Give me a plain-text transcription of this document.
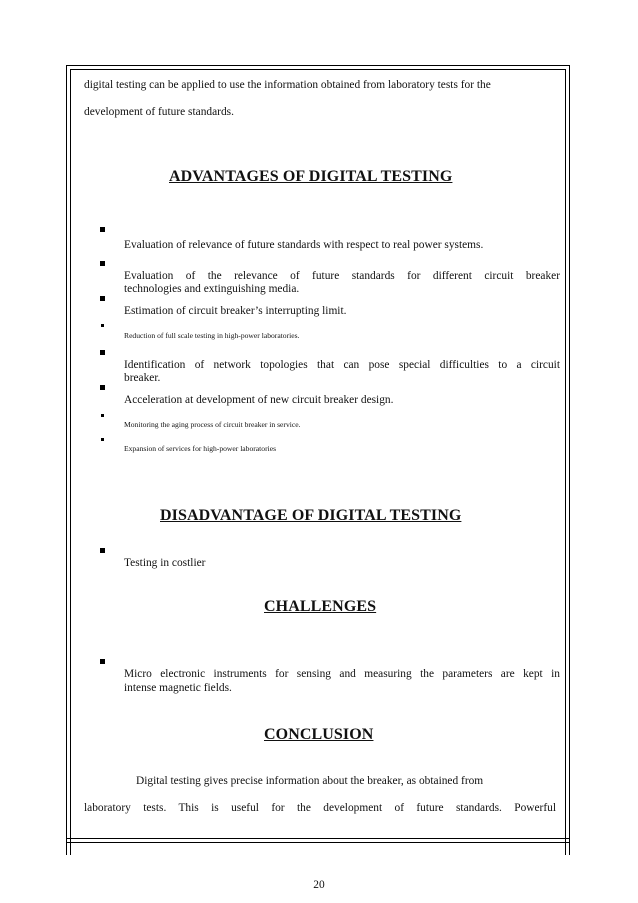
digital testing can be applied to use the information obtained from laboratory tests for the
development of future standards.
ADVANTAGES OF DIGITAL TESTING
Evaluation of relevance of future standards with respect to real power systems.
Evaluation of the relevance of future standards for different circuit breaker
technologies and extinguishing media.
Estimation of circuit breaker’s interrupting limit.
Reduction of full scale testing in high-power laboratories.
Identification of network topologies that can pose special difficulties to a circuit
breaker.
Acceleration at development of new circuit breaker design.
Monitoring the aging process of circuit breaker in service.
Expansion of services for high-power laboratories
DISADVANTAGE OF DIGITAL TESTING
Testing in costlier
CHALLENGES
Micro electronic instruments for sensing and measuring the parameters are kept in
intense magnetic fields.
CONCLUSION
Digital testing gives precise information about the breaker, as obtained from
laboratory tests. This is useful for the development of future standards. Powerful
20
